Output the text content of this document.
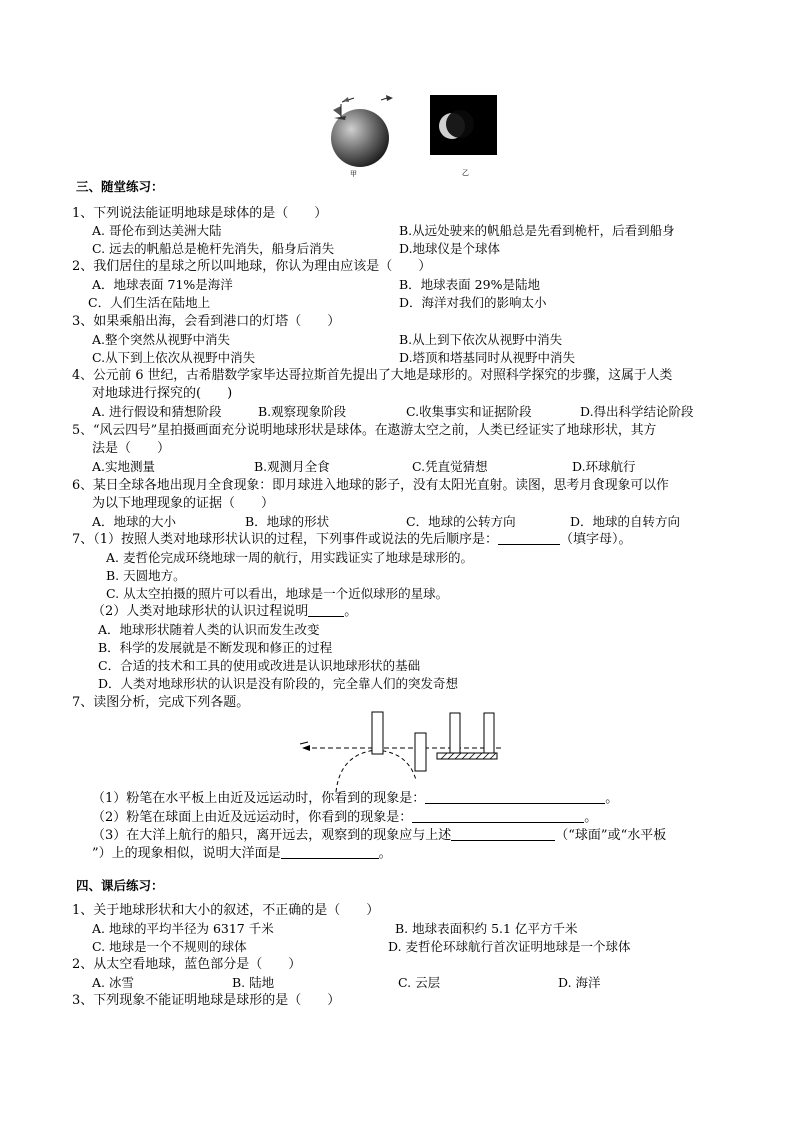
甲	乙
三、随堂练习：
1、下列说法能证明地球是球体的是（　　）
A. 哥伦布到达美洲大陆	B.从远处驶来的帆船总是先看到桅杆，后看到船身
C. 远去的帆船总是桅杆先消失，船身后消失	D.地球仪是个球体
2、我们居住的星球之所以叫地球，你认为理由应该是（　　）
A．地球表面 71%是海洋	B．地球表面 29%是陆地
C．人们生活在陆地上	D．海洋对我们的影响太小
3、如果乘船出海，会看到港口的灯塔（　　）
A.整个突然从视野中消失	B.从上到下依次从视野中消失
C.从下到上依次从视野中消失	D.塔顶和塔基同时从视野中消失
4、公元前 6 世纪，古希腊数学家毕达哥拉斯首先提出了大地是球形的。对照科学探究的步骤，这属于人类
对地球进行探究的(　　)
A. 进行假设和猜想阶段	B.观察现象阶段	C.收集事实和证据阶段	D.得出科学结论阶段
5、“风云四号”星拍摄画面充分说明地球形状是球体。在遨游太空之前，人类已经证实了地球形状，其方
法是（　　）
A.实地测量	B.观测月全食	C.凭直觉猜想	D.环球航行
6、某日全球各地出现月全食现象：即月球进入地球的影子，没有太阳光直射。读图，思考月食现象可以作
为以下地理现象的证据（　　）
A．地球的大小	B．地球的形状	C．地球的公转方向	D．地球的自转方向
7、（1）按照人类对地球形状认识的过程，下列事件或说法的先后顺序是：	（填字母）。
A. 麦哲伦完成环绕地球一周的航行，用实践证实了地球是球形的。
B. 天圆地方。
C. 从太空拍摄的照片可以看出，地球是一个近似球形的星球。
（2）人类对地球形状的认识过程说明	。
A．地球形状随着人类的认识而发生改变
B．科学的发展就是不断发现和修正的过程
C．合适的技术和工具的使用或改进是认识地球形状的基础
D．人类对地球形状的认识是没有阶段的，完全靠人们的突发奇想
7、读图分析，完成下列各题。
（1）粉笔在水平板上由近及远运动时，你看到的现象是：	。
（2）粉笔在球面上由近及远运动时，你看到的现象是：	。
（3）在大洋上航行的船只，离开远去，观察到的现象应与上述	（“球面”或“水平板
”）上的现象相似，说明大洋面是	。
四、课后练习：
1、关于地球形状和大小的叙述，不正确的是（　　）
A. 地球的平均半径为 6317 千米	B. 地球表面积约 5.1 亿平方千米
C. 地球是一个不规则的球体	D. 麦哲伦环球航行首次证明地球是一个球体
2、从太空看地球，蓝色部分是（　　）
A. 冰雪	B. 陆地	C. 云层	D. 海洋
3、下列现象不能证明地球是球形的是（　　）
